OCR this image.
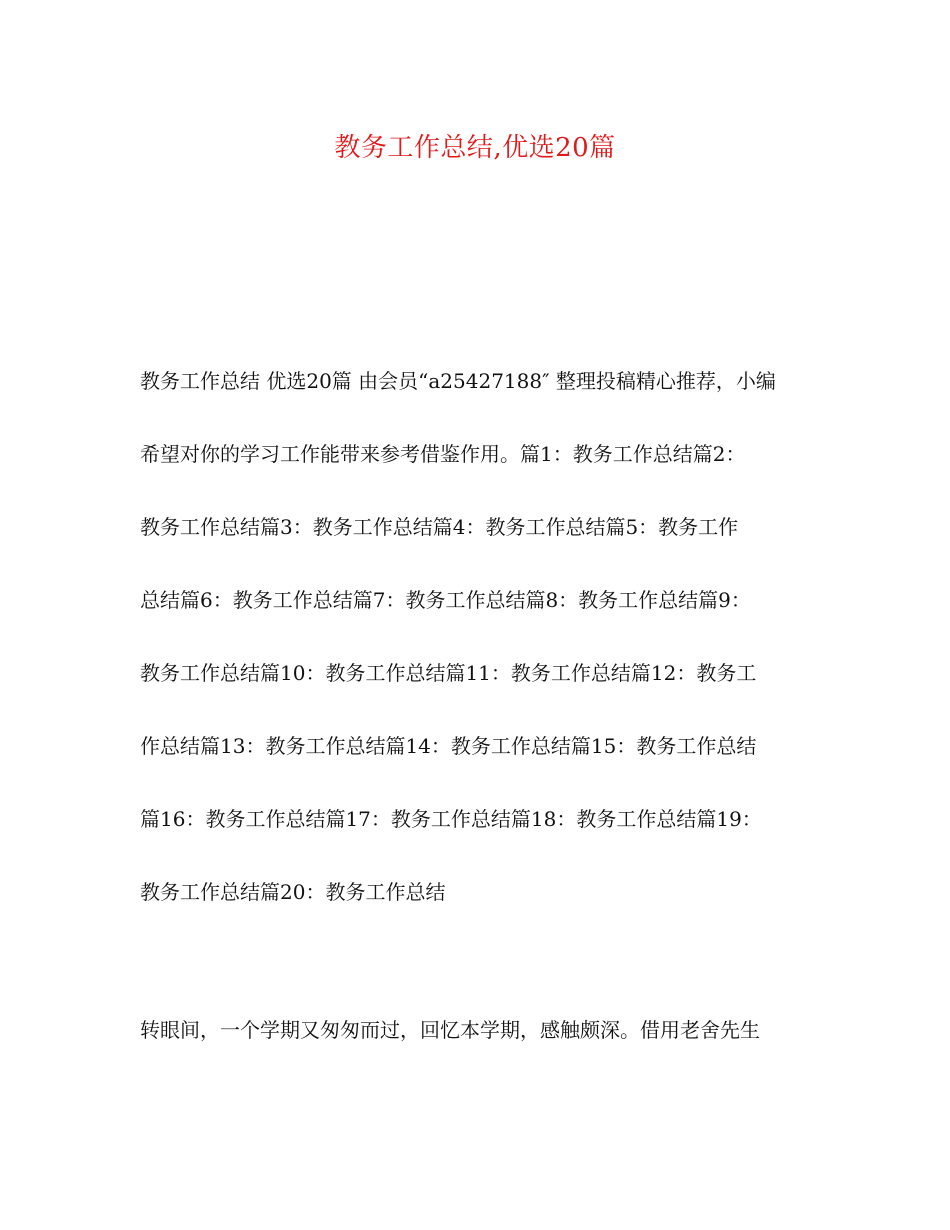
教务工作总结,优选20篇
教务工作总结 优选20篇 由会员“a25427188″ 整理投稿精心推荐，小编
希望对你的学习工作能带来参考借鉴作用。篇1：教务工作总结篇2：
教务工作总结篇3：教务工作总结篇4：教务工作总结篇5：教务工作
总结篇6：教务工作总结篇7：教务工作总结篇8：教务工作总结篇9：
教务工作总结篇10：教务工作总结篇11：教务工作总结篇12：教务工
作总结篇13：教务工作总结篇14：教务工作总结篇15：教务工作总结
篇16：教务工作总结篇17：教务工作总结篇18：教务工作总结篇19：
教务工作总结篇20：教务工作总结
转眼间，一个学期又匆匆而过，回忆本学期，感触颇深。借用老舍先生
